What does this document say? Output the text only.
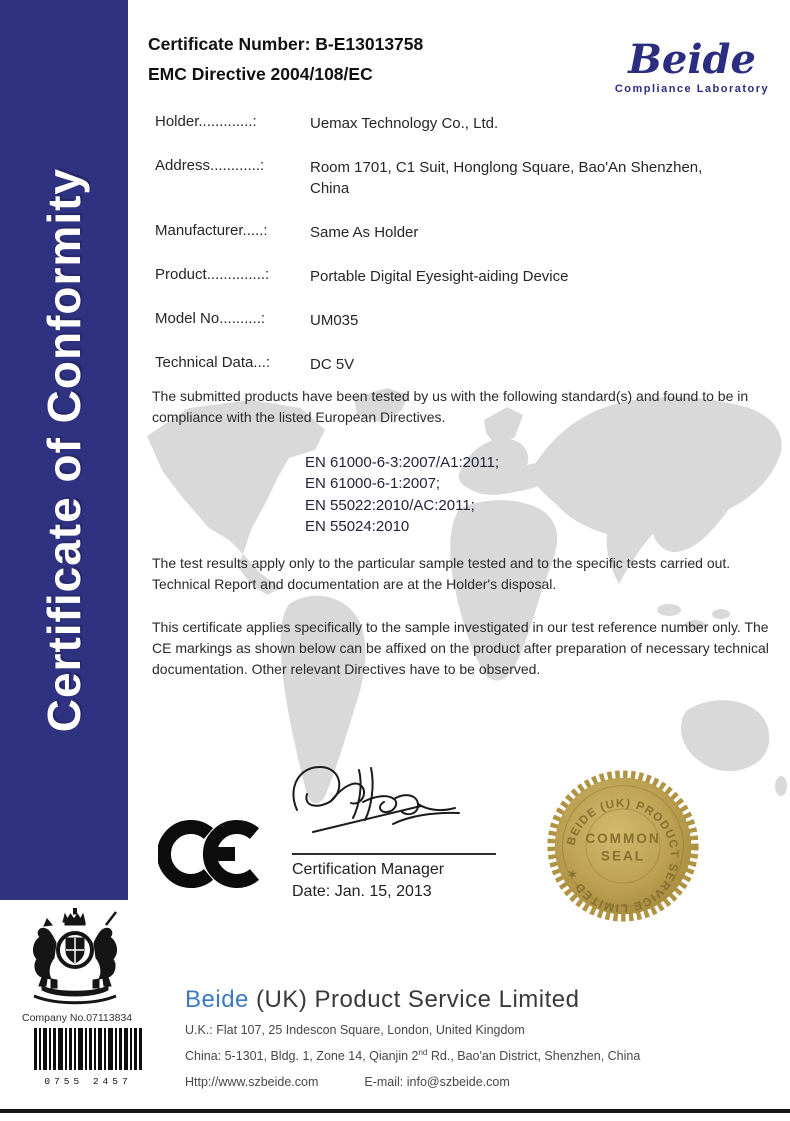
Certificate of Conformity
Certificate Number: B-E13013758
EMC Directive 2004/108/EC	Beide
Compliance Laboratory
Holder.............:	Uemax Technology Co., Ltd.
Address............:	Room 1701, C1 Suit, Honglong Square, Bao'An Shenzhen, China
Manufacturer.....:	Same As Holder
Product..............:	Portable Digital Eyesight-aiding Device
Model No..........:	UM035
Technical Data...:	DC 5V
The submitted products have been tested by us with the following standard(s) and found to be in compliance with the listed European Directives.
EN 61000-6-3:2007/A1:2011;
EN 61000-6-1:2007;
EN 55022:2010/AC:2011;
EN 55024:2010
The test results apply only to the particular sample tested and to the specific tests carried out. Technical Report and documentation are at the Holder's disposal.
This certificate applies specifically to the sample investigated in our test reference number only. The CE markings as shown below can be affixed on the product after preparation of necessary technical documentation. Other relevant Directives have to be observed.
Certification Manager
Date: Jan. 15, 2013
BEIDE (UK) PRODUCT SERVICE LIMITED ✶
COMMON
SEAL
Company No.07113834
0755 2457
Beide (UK) Product Service Limited
U.K.: Flat 107, 25 Indescon Square, London, United Kingdom
China: 5-1301, Bldg. 1, Zone 14, Qianjin 2nd Rd., Bao'an District, Shenzhen, China
Http://www.szbeide.com	E-mail: info@szbeide.com
